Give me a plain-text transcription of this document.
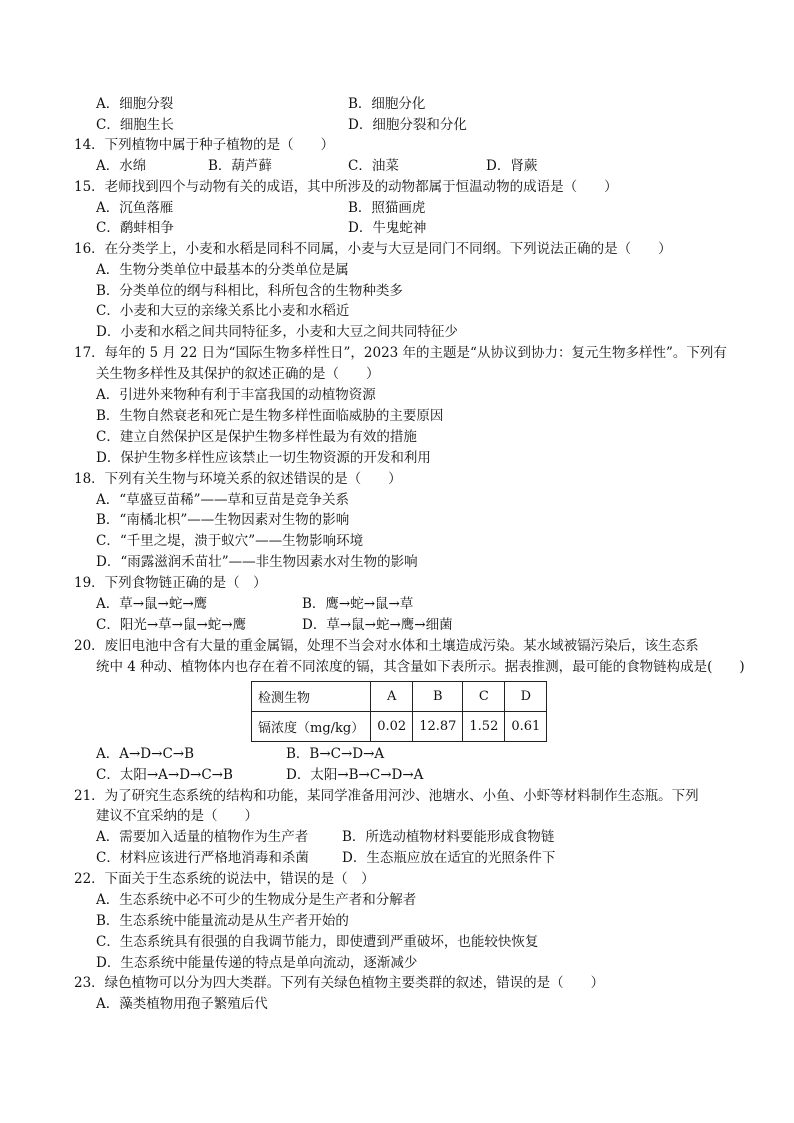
A．细胞分裂	B．细胞分化
C．细胞生长	D．细胞分裂和分化
14．下列植物中属于种子植物的是（　　）
A．水绵	B．葫芦藓	C．油菜	D．肾蕨
15．老师找到四个与动物有关的成语，其中所涉及的动物都属于恒温动物的成语是（　　）
A．沉鱼落雁	B．照猫画虎
C．鹬蚌相争	D．牛鬼蛇神
16．在分类学上，小麦和水稻是同科不同属，小麦与大豆是同门不同纲。下列说法正确的是（　　）
A．生物分类单位中最基本的分类单位是属
B．分类单位的纲与科相比，科所包含的生物种类多
C．小麦和大豆的亲缘关系比小麦和水稻近
D．小麦和水稻之间共同特征多，小麦和大豆之间共同特征少
17．每年的 5 月 22 日为“国际生物多样性日”，2023 年的主题是“从协议到协力：复元生物多样性”。下列有
关生物多样性及其保护的叙述正确的是（　　）
A．引进外来物种有利于丰富我国的动植物资源
B．生物自然衰老和死亡是生物多样性面临威胁的主要原因
C．建立自然保护区是保护生物多样性最为有效的措施
D．保护生物多样性应该禁止一切生物资源的开发和利用
18．下列有关生物与环境关系的叙述错误的是（　　）
A．“草盛豆苗稀”——草和豆苗是竞争关系
B．“南橘北枳”——生物因素对生物的影响
C．“千里之堤，溃于蚁穴”——生物影响环境
D．“雨露滋润禾苗壮”——非生物因素水对生物的影响
19．下列食物链正确的是（　）
A．草→鼠→蛇→鹰	B．鹰→蛇→鼠→草
C．阳光→草→鼠→蛇→鹰	D．草→鼠→蛇→鹰→细菌
20．废旧电池中含有大量的重金属镉，处理不当会对水体和土壤造成污染。某水域被镉污染后，该生态系
统中 4 种动、植物体内也存在着不同浓度的镉，其含量如下表所示。据表推测，最可能的食物链构成是(　　)
检测生物	A	B	C	D
镉浓度（mg/kg）	0.02	12.87	1.52	0.61
A．A→D→C→B	B．B→C→D→A
C．太阳→A→D→C→B	D．太阳→B→C→D→A
21．为了研究生态系统的结构和功能，某同学准备用河沙、池塘水、小鱼、小虾等材料制作生态瓶。下列
建议不宜采纳的是（　　）
A．需要加入适量的植物作为生产者	B．所选动植物材料要能形成食物链
C．材料应该进行严格地消毒和杀菌 D．生态瓶应放在适宜的光照条件下
22．下面关于生态系统的说法中，错误的是（　）
A．生态系统中必不可少的生物成分是生产者和分解者
B．生态系统中能量流动是从生产者开始的
C．生态系统具有很强的自我调节能力，即使遭到严重破坏，也能较快恢复
D．生态系统中能量传递的特点是单向流动，逐渐减少
23．绿色植物可以分为四大类群。下列有关绿色植物主要类群的叙述，错误的是（　　）
A．藻类植物用孢子繁殖后代
